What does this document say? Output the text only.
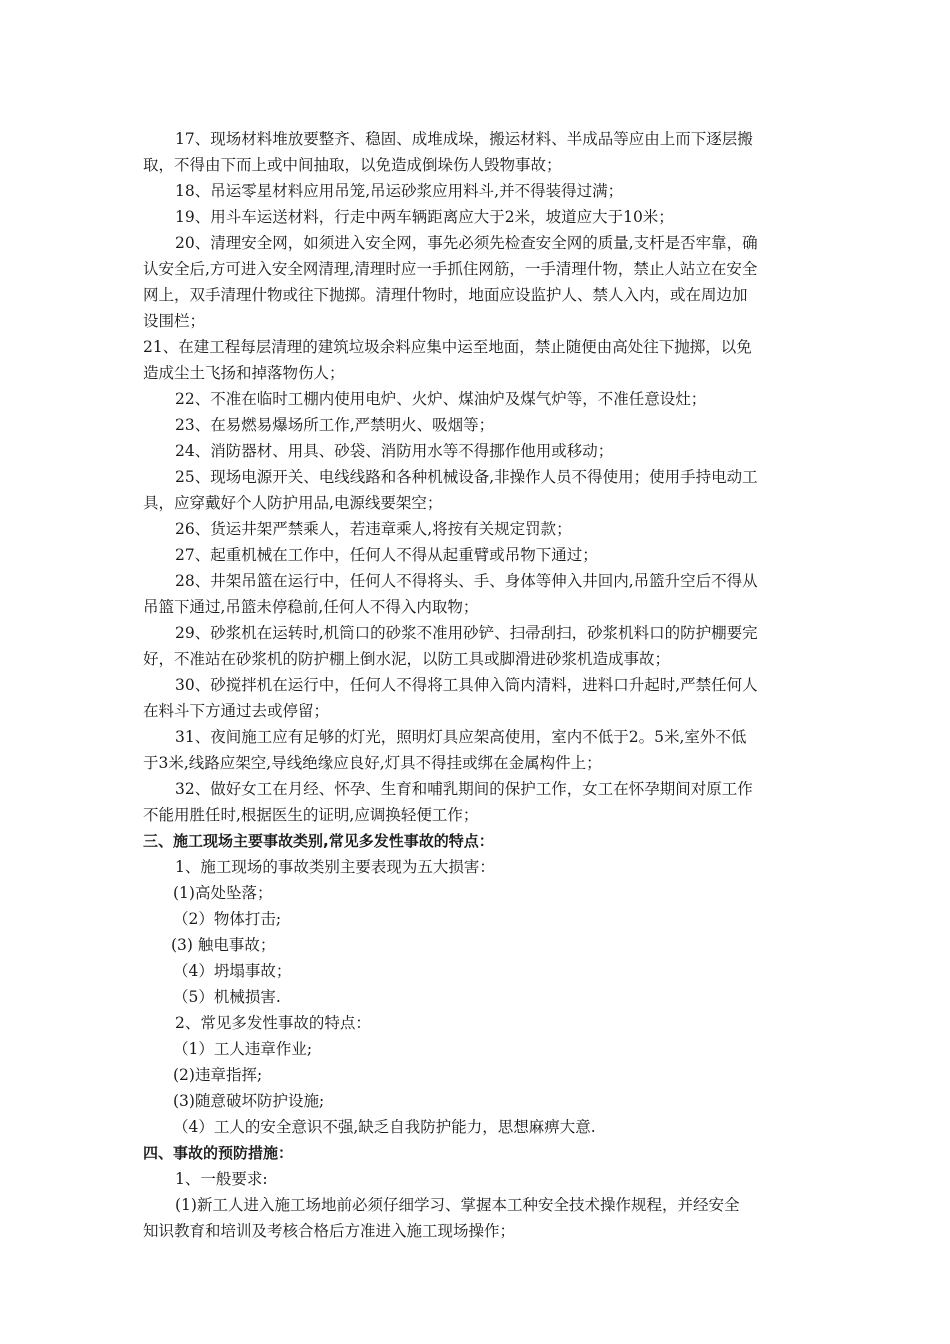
17、现场材料堆放要整齐、稳固、成堆成垛，搬运材料、半成品等应由上而下逐层搬

取，不得由下而上或中间抽取，以免造成倒垛伤人毁物事故；

18、吊运零星材料应用吊笼,吊运砂浆应用料斗,并不得装得过满；

19、用斗车运送材料，行走中两车辆距离应大于2米，坡道应大于10米；

20、清理安全网，如须进入安全网，事先必须先检查安全网的质量,支杆是否牢靠，确

认安全后,方可进入安全网清理,清理时应一手抓住网筋，一手清理什物，禁止人站立在安全

网上，双手清理什物或往下抛掷。清理什物时，地面应设监护人、禁人入内，或在周边加

设围栏；

21、在建工程每层清理的建筑垃圾余料应集中运至地面，禁止随便由高处往下抛掷，以免

造成尘土飞扬和掉落物伤人；

22、不准在临时工棚内使用电炉、火炉、煤油炉及煤气炉等，不准任意设灶；

23、在易燃易爆场所工作,严禁明火、吸烟等；

24、消防器材、用具、砂袋、消防用水等不得挪作他用或移动；

25、现场电源开关、电线线路和各种机械设备,非操作人员不得使用；使用手持电动工

具，应穿戴好个人防护用品,电源线要架空；

26、货运井架严禁乘人，若违章乘人,将按有关规定罚款；

27、起重机械在工作中，任何人不得从起重臂或吊物下通过；

28、井架吊篮在运行中，任何人不得将头、手、身体等伸入井回内,吊篮升空后不得从

吊篮下通过,吊篮未停稳前,任何人不得入内取物；

29、砂浆机在运转时,机筒口的砂浆不准用砂铲、扫帚刮扫，砂浆机料口的防护棚要完

好，不准站在砂浆机的防护棚上倒水泥，以防工具或脚滑进砂浆机造成事故；

30、砂搅拌机在运行中，任何人不得将工具伸入筒内清料，进料口升起时,严禁任何人

在料斗下方通过去或停留；

31、夜间施工应有足够的灯光，照明灯具应架高使用，室内不低于2。5米,室外不低

于3米,线路应架空,导线绝缘应良好,灯具不得挂或绑在金属构件上；

32、做好女工在月经、怀孕、生育和哺乳期间的保护工作，女工在怀孕期间对原工作

不能用胜任时,根据医生的证明,应调换轻便工作；

三、施工现场主要事故类别,常见多发性事故的特点：

1、施工现场的事故类别主要表现为五大损害：

(1)高处坠落；

（2）物体打击;

(3) 触电事故；

（4）坍塌事故；

（5）机械损害.

2、常见多发性事故的特点：

（1）工人违章作业;

(2)违章指挥;

(3)随意破坏防护设施;

（4）工人的安全意识不强,缺乏自我防护能力，思想麻痹大意.

四、事故的预防措施：

1、一般要求:

(1)新工人进入施工场地前必须仔细学习、掌握本工种安全技术操作规程，并经安全

知识教育和培训及考核合格后方准进入施工现场操作；
